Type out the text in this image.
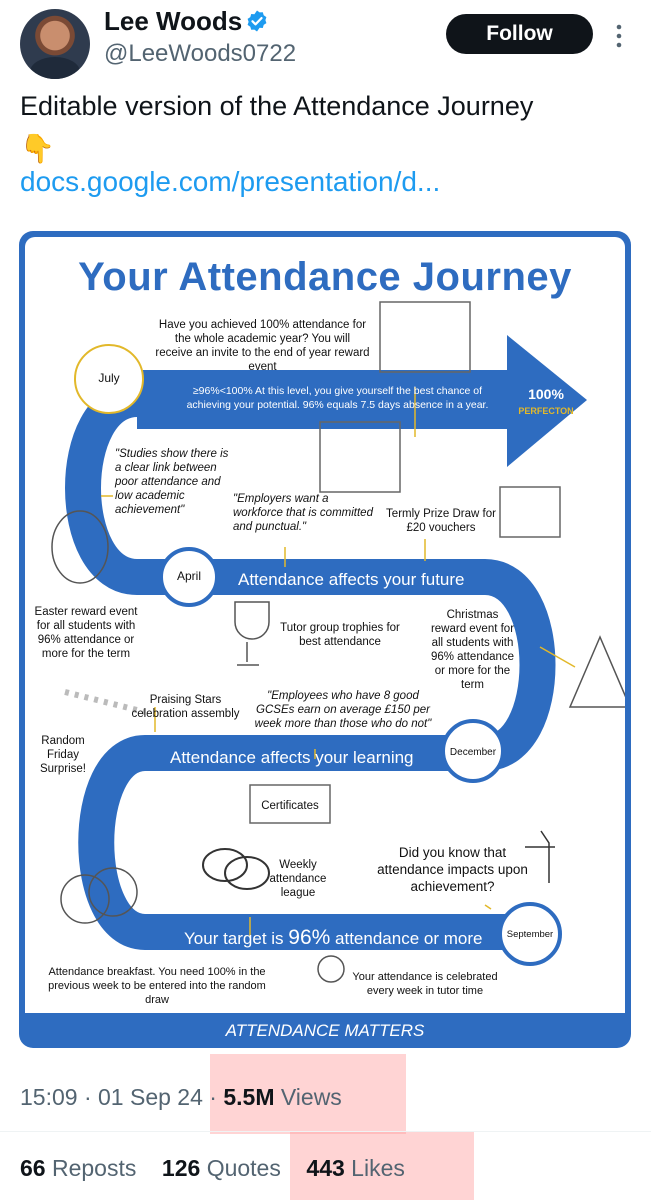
Lee Woods
@LeeWoods0722
Follow
Editable version of the Attendance Journey
👇
docs.google.com/presentation/d...
Your Attendance Journey
Have you achieved 100% attendance for the whole academic year? You will receive an invite to the end of year reward event
July
≥96%<100% At this level, you give yourself the best chance of achieving your potential. 96% equals 7.5 days absence in a year.
100%
PERFECTON
"Studies show there is a clear link between poor attendance and low academic achievement"
"Employers want a workforce that is committed and punctual."
Termly Prize Draw for £20 vouchers
April	Attendance affects your future
Easter reward event for all students with 96% attendance or more for the term
Tutor group trophies for best attendance
Christmas reward event for all students with 96% attendance or more for the term
Praising Stars celebration assembly
"Employees who have 8 good GCSEs earn on average £150 per week more than those who do not"
Random Friday Surprise!
Attendance affects your learning	December
Certificates
Did you know that
attendance impacts upon
achievement?
Weekly attendance league
Your target is 96% attendance or more	September
Attendance breakfast. You need 100% in the previous week to be entered into the random draw
Your attendance is celebrated every week in tutor time
ATTENDANCE MATTERS
15:09 · 01 Sep 24 · 5.5M Views
66 Reposts 126 Quotes 443 Likes
